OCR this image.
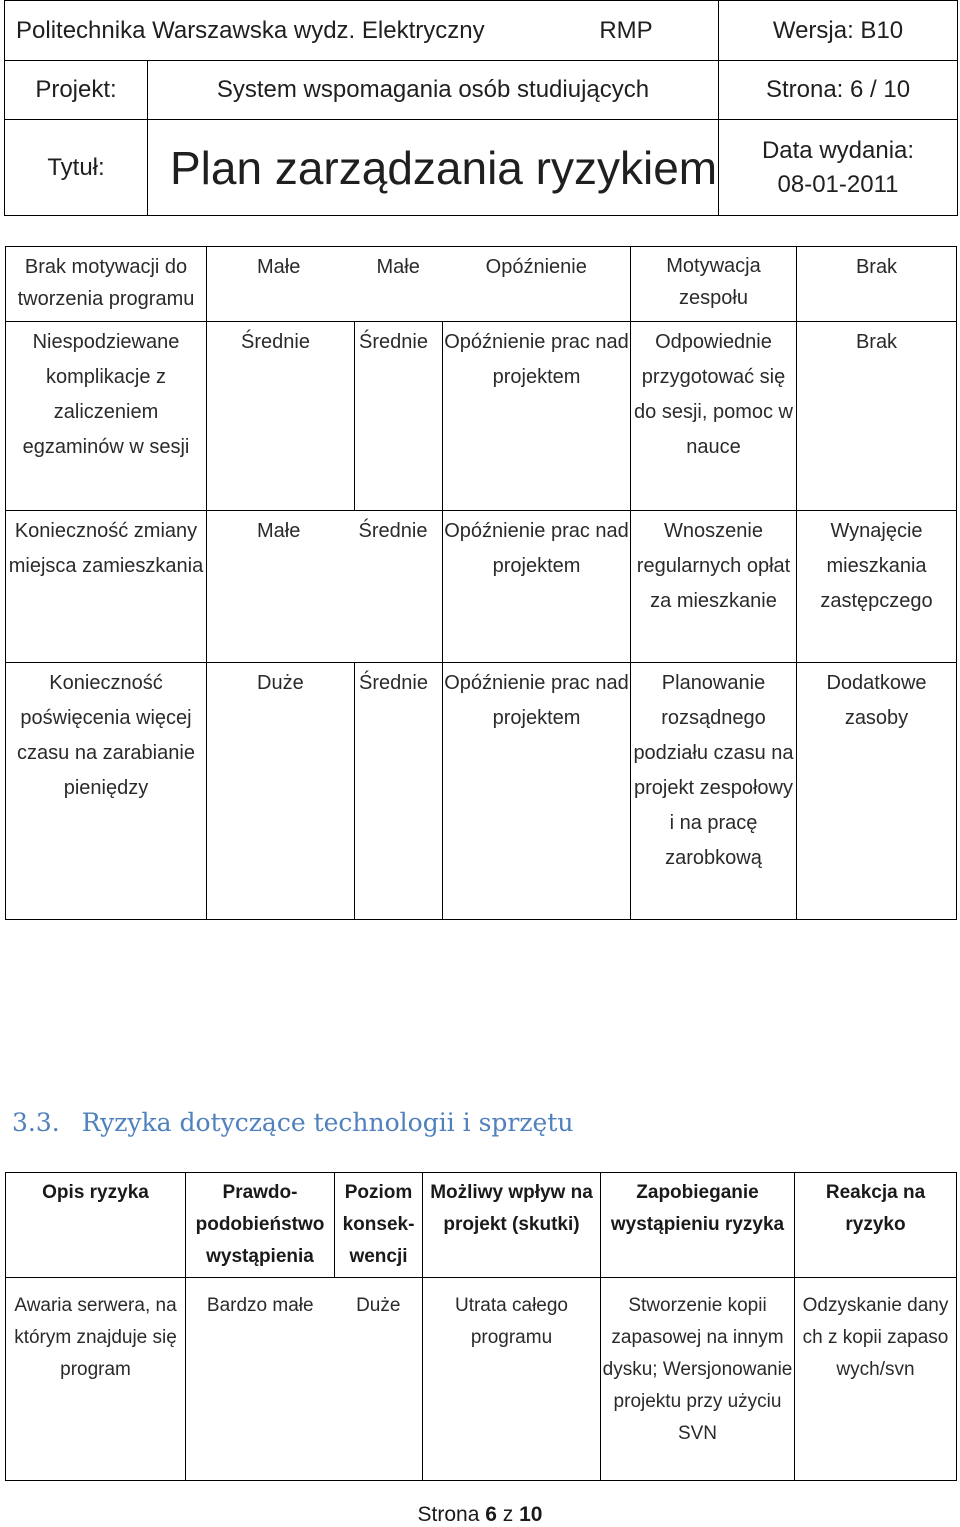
Politechnika Warszawska wydz. Elektryczny RMP		Wersja: B10
Projekt:	System wspomagania osób studiujących	Strona: 6 / 10
Tytuł:	Plan zarządzania ryzykiem	Data wydania:
08-01-2011
Brak motywacji do tworzenia programu	Małe	Małe	Opóźnienie	Motywacja zespołu	Brak
Niespodziewane komplikacje z zaliczeniem egzaminów w sesji	Średnie	Średnie	Opóźnienie prac nad projektem	Odpowiednie przygotować się do sesji, pomoc w nauce	Brak
Konieczność zmiany miejsca zamieszkania	Małe	Średnie	Opóźnienie prac nad projektem	Wnoszenie regularnych opłat za mieszkanie	Wynajęcie mieszkania zastępczego
Konieczność poświęcenia więcej czasu na zarabianie pieniędzy	Duże	Średnie	Opóźnienie prac nad projektem	Planowanie rozsądnego podziału czasu na projekt zespołowy i na pracę zarobkową	Dodatkowe zasoby
3.3. Ryzyka dotyczące technologii i sprzętu
Opis ryzyka	Prawdo-podobieństwo wystąpienia	Poziom konsek-wencji	Możliwy wpływ na projekt (skutki)	Zapobieganie wystąpieniu ryzyka	Reakcja na ryzyko
Awaria serwera, na którym znajduje się program	Bardzo małe	Duże	Utrata całego programu	Stworzenie kopii zapasowej na innym dysku; Wersjonowanie projektu przy użyciu SVN	Odzyskanie danych z kopii zapasowych/svn
Strona 6 z 10
